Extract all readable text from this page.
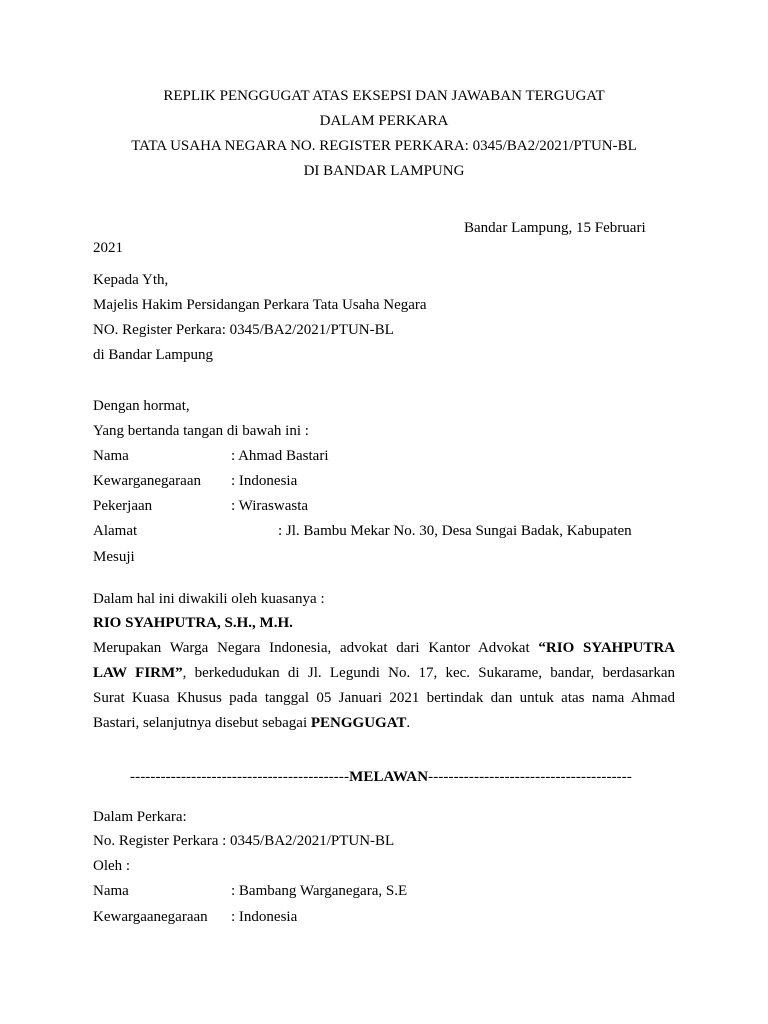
REPLIK PENGGUGAT ATAS EKSEPSI DAN JAWABAN TERGUGAT
DALAM PERKARA
TATA USAHA NEGARA NO. REGISTER PERKARA: 0345/BA2/2021/PTUN-BL
DI BANDAR LAMPUNG
Bandar Lampung, 15 Februari
2021
Kepada Yth,
Majelis Hakim Persidangan Perkara Tata Usaha Negara
NO. Register Perkara: 0345/BA2/2021/PTUN-BL
di Bandar Lampung
Dengan hormat,
Yang bertanda tangan di bawah ini :
Nama	: Ahmad Bastari
Kewarganegaraan : Indonesia
Pekerjaan	: Wiraswasta
Alamat	: Jl. Bambu Mekar No. 30, Desa Sungai Badak, Kabupaten
Mesuji
Dalam hal ini diwakili oleh kuasanya :
RIO SYAHPUTRA, S.H., M.H.
Merupakan Warga Negara Indonesia, advokat dari Kantor Advokat “RIO SYAHPUTRA
LAW FIRM”, berkedudukan di Jl. Legundi No. 17, kec. Sukarame, bandar, berdasarkan
Surat Kuasa Khusus pada tanggal 05 Januari 2021 bertindak dan untuk atas nama Ahmad
Bastari, selanjutnya disebut sebagai PENGGUGAT.
-------------------------------------------MELAWAN----------------------------------------
Dalam Perkara:
No. Register Perkara : 0345/BA2/2021/PTUN-BL
Oleh :
Nama	: Bambang Warganegara, S.E
Kewargaanegaraan : Indonesia
